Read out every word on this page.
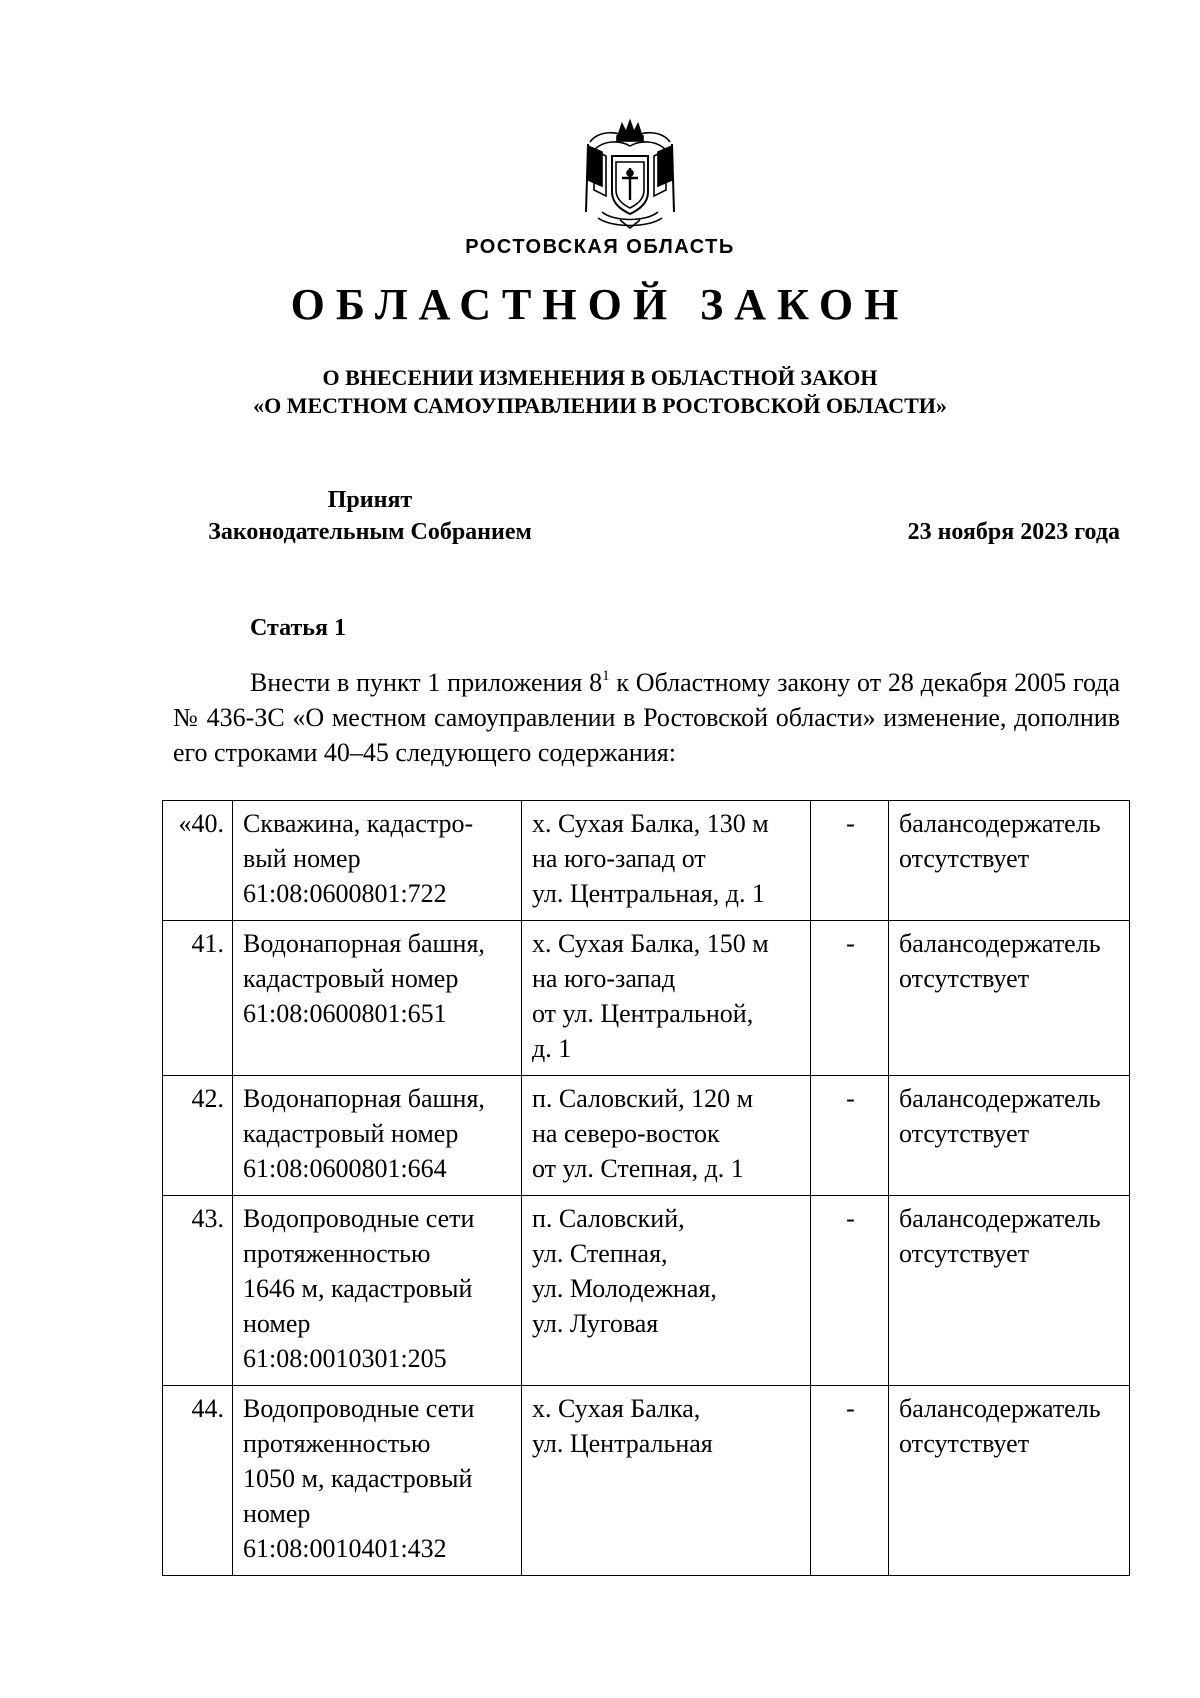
РОСТОВСКАЯ ОБЛАСТЬ
ОБЛАСТНОЙ ЗАКОН
О ВНЕСЕНИИ ИЗМЕНЕНИЯ В ОБЛАСТНОЙ ЗАКОН
«О МЕСТНОМ САМОУПРАВЛЕНИИ В РОСТОВСКОЙ ОБЛАСТИ»
Принят
Законодательным Собранием	23 ноября 2023 года
Статья 1

Внести в пункт 1 приложения $8^1$ к Областному закону от 28 декабря 2005 года № 436-ЗС «О местном самоуправлении в Ростовской области» изменение, дополнив его строками 40–45 следующего содержания:

«40.	Скважина, кадастро-
вый номер
61:08:0600801:722	х. Сухая Балка, 130 м
на юго-запад от
ул. Центральная, д. 1	-	балансодержатель
отсутствует

41.	Водонапорная башня,
кадастровый номер
61:08:0600801:651	х. Сухая Балка, 150 м
на юго-запад
от ул. Центральной,
д. 1	-	балансодержатель
отсутствует

42.	Водонапорная башня,
кадастровый номер
61:08:0600801:664	п. Саловский, 120 м
на северо-восток
от ул. Степная, д. 1	-	балансодержатель
отсутствует

43.	Водопроводные сети
протяженностью
1646 м, кадастровый
номер
61:08:0010301:205	п. Саловский,
ул. Степная,
ул. Молодежная,
ул. Луговая	-	балансодержатель
отсутствует

44.	Водопроводные сети
протяженностью
1050 м, кадастровый
номер
61:08:0010401:432	х. Сухая Балка,
ул. Центральная	-	балансодержатель
отсутствует
